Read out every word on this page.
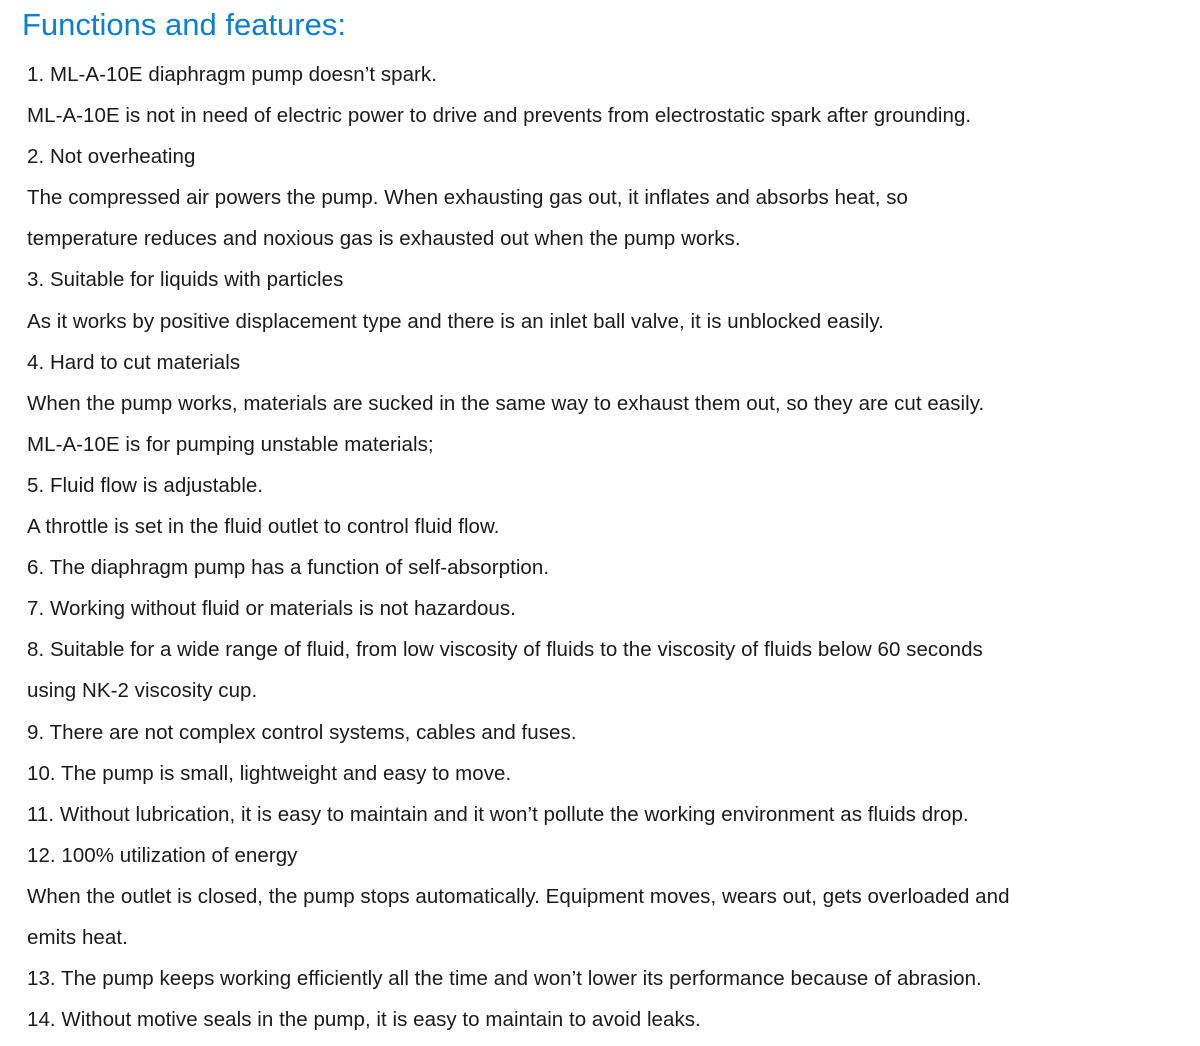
Functions and features:
1. ML-A-10E diaphragm pump doesn’t spark.
ML-A-10E is not in need of electric power to drive and prevents from electrostatic spark after grounding.
2. Not overheating
The compressed air powers the pump. When exhausting gas out, it inflates and absorbs heat, so
temperature reduces and noxious gas is exhausted out when the pump works.
3. Suitable for liquids with particles
As it works by positive displacement type and there is an inlet ball valve, it is unblocked easily.
4. Hard to cut materials
When the pump works, materials are sucked in the same way to exhaust them out, so they are cut easily.
ML-A-10E is for pumping unstable materials;
5. Fluid flow is adjustable.
A throttle is set in the fluid outlet to control fluid flow.
6. The diaphragm pump has a function of self-absorption.
7. Working without fluid or materials is not hazardous.
8. Suitable for a wide range of fluid, from low viscosity of fluids to the viscosity of fluids below 60 seconds
using NK-2 viscosity cup.
9. There are not complex control systems, cables and fuses.
10. The pump is small, lightweight and easy to move.
11. Without lubrication, it is easy to maintain and it won’t pollute the working environment as fluids drop.
12. 100% utilization of energy
When the outlet is closed, the pump stops automatically. Equipment moves, wears out, gets overloaded and
emits heat.
13. The pump keeps working efficiently all the time and won’t lower its performance because of abrasion.
14. Without motive seals in the pump, it is easy to maintain to avoid leaks.
